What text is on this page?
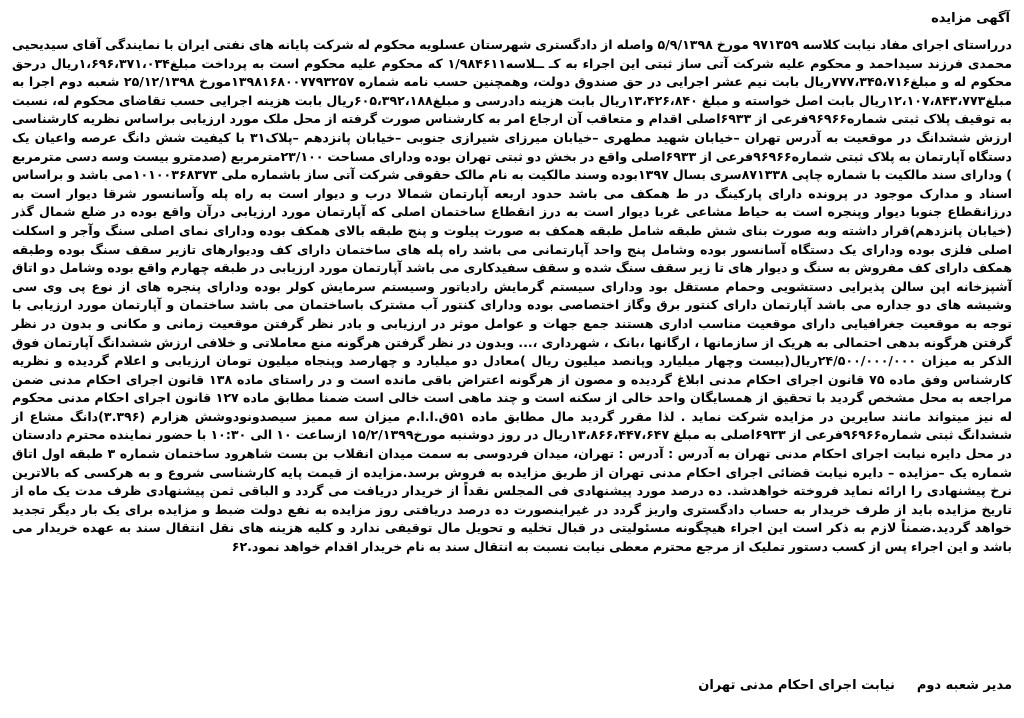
آگهی مزایده

درراستای اجرای مفاد نیابت کلاسه ۹۷۱۳۵۹ مورخ ۵/۹/۱۳۹۸ واصله از دادگستری شهرستان عسلویه محکوم له شرکت پایانه های نفتی ایران با نمایندگی آقای سیدیحیی محمدی فرزند سیداحمد و محکوم علیه شرکت آتی ساز ثبتی این اجراء به کـ ــلاسه۱/۹۸۴۶۱۱ که محکوم علیه محکوم است به پرداخت مبلغ۱،۶۹۶،۳۷۱،۰۳۴ریال درحق محکوم له و مبلغ۷۷۷،۳۴۵،۷۱۶ریال بابت نیم عشر اجرایی در حق صندوق دولت، وهمچنین حسب نامه شماره ۱۳۹۸۱۶۸۰۰۷۷۹۳۲۵۷مورخ ۲۵/۱۲/۱۳۹۸ شعبه دوم اجرا به مبلغ۱۲،۱۰۷،۸۴۳،۷۷۳ریال بابت اصل خواسته و مبلغ ۱۳،۴۲۶،۸۴۰ریال بابت هزینه دادرسی و مبلغ۶۰۵،۳۹۲،۱۸۸ریال بابت هزینه اجرایی حسب تقاضای محکوم له، نسبت به توقیف پلاک ثبتی شماره۹۶۹۶۶فرعی از ۶۹۳۳اصلی اقدام و متعاقب آن ارجاع امر به کارشناس صورت گرفته از محل ملک مورد ارزیابی براساس نظریه کارشناسی ارزش ششدانگ در موقعیت به آدرس تهران –خیابان شهید مطهری –خیابان میرزای شیرازی جنوبی –خیابان پانزدهم –پلاک۳۱ با کیفیت شش دانگ عرصه واعیان یک دستگاه آپارتمان به پلاک ثبتی شماره۹۶۹۶۶فرعی از ۶۹۳۳اصلی واقع در بخش دو ثبتی تهران بوده ودارای مساحت ۲۳/۱۰۰مترمربع (صدمترو بیست وسه دسی مترمربع ) ودارای سند مالکیت با شماره چاپی ۸۷۱۳۳۸سری بسال ۱۳۹۷بوده وسند مالکیت به نام مالک حقوقی شرکت آتی ساز باشماره ملی ۱۰۱۰۰۳۶۸۳۷۳می باشد و براساس اسناد و مدارک موجود در پرونده دارای پارکینگ در ط همکف می باشد حدود اربعه آپارتمان شمالا درب و دیوار است به راه پله وآسانسور شرقا دیوار است به درزانقطاع جنوبا دیوار وپنجره است به حیاط مشاعی غربا دیوار است به درز انقطاع ساختمان اصلی که آپارتمان مورد ارزیابی درآن واقع بوده در ضلع شمال گذر (خیابان پانزدهم)قرار داشته وبه صورت بنای شش طبقه شامل طبقه همکف به صورت پیلوت و پنج طبقه بالای همکف بوده ودارای نمای اصلی سنگ وآجر و اسکلت اصلی فلزی بوده ودارای یک دستگاه آسانسور بوده وشامل پنج واحد آپارتمانی می باشد راه پله های ساختمان دارای کف ودیوارهای تازیر سقف سنگ بوده وطبقه همکف دارای کف مفروش به سنگ و دیوار های تا زیر سقف سنگ شده و سقف سفیدکاری می باشد آپارتمان مورد ارزیابی در طبقه چهارم واقع بوده وشامل دو اتاق آشپزخانه اپن سالن پذیرایی دستشویی وحمام مستقل بود ودارای سیستم گرمایش رادیاتور وسیستم سرمایش کولر بوده ودارای پنجره های از نوع پی وی سی وشیشه های دو جداره می باشد آپارتمان دارای کنتور برق وگاز اختصاصی بوده ودارای کنتور آب مشترک باساختمان می باشد ساختمان و آپارتمان مورد ارزیابی با توجه به موقعیت جغرافیایی دارای موقعیت مناسب اداری هستند جمع جهات و عوامل موثر در ارزیابی و بادر نظر گرفتن موقعیت زمانی و مکانی و بدون در نظر گرفتن هرگونه بدهی احتمالی به هریک از سازمانها ، ارگانها ،بانک ، شهرداری ،... وبدون در نظر گرفتن هرگونه منع معاملاتی و خلافی ارزش ششدانگ آپارتمان فوق الذکر به میزان ۲۴/۵۰۰/۰۰۰/۰۰۰ریال(بیست وچهار میلیارد وپانصد میلیون ریال )معادل دو میلیارد و چهارصد وپنجاه میلیون تومان ارزیابی و اعلام گردیده و نظریه کارشناس وفق ماده ۷۵ قانون اجرای احکام مدنی ابلاغ گردیده و مصون از هرگونه اعتراض باقی مانده است و در راستای ماده ۱۳۸ قانون اجرای احکام مدنی ضمن مراجعه به محل مشخص گردید با تحقیق از همسایگان واحد خالی از سکنه است و چند ماهی است خالی است ضمنا مطابق ماده ۱۲۷ قانون اجرای احکام مدنی محکوم له نیز میتواند مانند سایرین در مزایده شرکت نماید . لذا مقرر گردید مال مطابق ماده ۵۱ق.ا.ا.م میزان سه ممیز سیصدونودوشش هزارم (۳.۳۹۶)دانگ مشاع از ششدانگ ثبتی شماره۹۶۹۶۶فرعی از ۶۹۳۳اصلی به مبلغ ۱۳،۸۶۶،۴۴۷،۶۴۷ریال در روز دوشنبه مورخ۱۵/۲/۱۳۹۹ ازساعت ۱۰ الی ۱۰:۳۰ با حضور نماینده محترم دادستان در محل دایره نیابت اجرای احکام مدنی تهران به آدرس : آدرس : تهران، میدان فردوسی به سمت میدان انقلاب بن بست شاهرود ساختمان شماره ۳ طبقه اول اتاق شماره یک –مزایده – دایره نیابت قضائی اجرای احکام مدنی تهران از طریق مزایده به فروش برسد.مزایده از قیمت پایه کارشناسی شروع و به هرکسی که بالاترین نرخ پیشنهادی را ارائه نماید فروخته خواهدشد. ده درصد مورد پیشنهادی فی المجلس نقداً از خریدار دریافت می گردد و الباقی ثمن پیشنهادی ظرف مدت یک ماه از تاریخ مزایده باید از طرف خریدار به حساب دادگستری واریز گردد در غیراینصورت ده درصد دریافتی روز مزایده به نفع دولت ضبط و مزایده برای یک بار دیگر تجدید خواهد گردید.ضمناً لازم به ذکر است این اجراء هیچگونه مسئولیتی در قبال تخلیه و تحویل مال توقیفی ندارد و کلیه هزینه های نقل انتقال سند به عهده خریدار می باشد و این اجراء پس از کسب دستور تملیک از مرجع محترم معطی نیابت نسبت به انتقال سند به نام خریدار اقدام خواهد نمود.۶۲

مدیر شعبه دومنیابت اجرای احکام مدنی تهران
